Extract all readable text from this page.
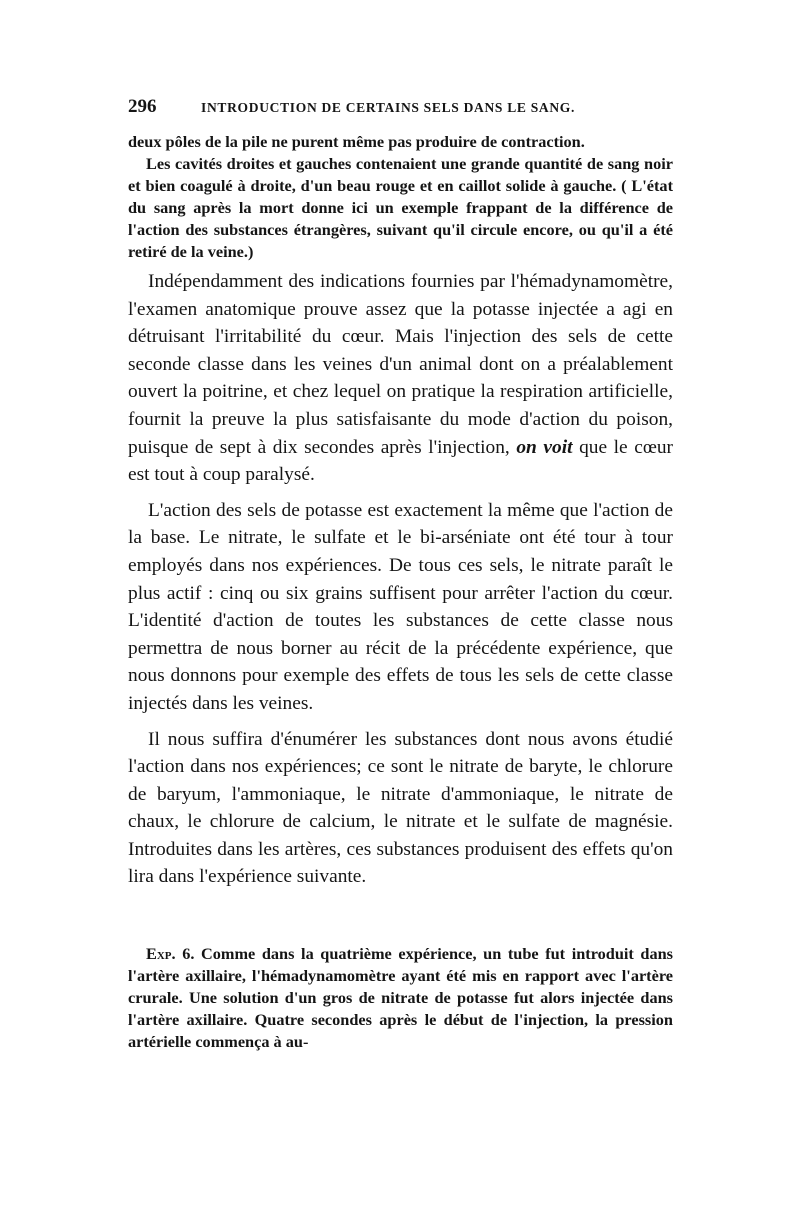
296	INTRODUCTION DE CERTAINS SELS DANS LE SANG.

deux pôles de la pile ne purent même pas produire de contraction.

Les cavités droites et gauches contenaient une grande quantité de sang noir et bien coagulé à droite, d'un beau rouge et en caillot solide à gauche. ( L'état du sang après la mort donne ici un exemple frappant de la différence de l'action des substances étrangères, suivant qu'il circule encore, ou qu'il a été retiré de la veine.)

Indépendamment des indications fournies par l'hémadynamomètre, l'examen anatomique prouve assez que la potasse injectée a agi en détruisant l'irritabilité du cœur. Mais l'injection des sels de cette seconde classe dans les veines d'un animal dont on a préalablement ouvert la poitrine, et chez lequel on pratique la respiration artificielle, fournit la preuve la plus satisfaisante du mode d'action du poison, puisque de sept à dix secondes après l'injection, on voit que le cœur est tout à coup paralysé.

L'action des sels de potasse est exactement la même que l'action de la base. Le nitrate, le sulfate et le bi-arséniate ont été tour à tour employés dans nos expériences. De tous ces sels, le nitrate paraît le plus actif : cinq ou six grains suffisent pour arrêter l'action du cœur. L'identité d'action de toutes les substances de cette classe nous permettra de nous borner au récit de la précédente expérience, que nous donnons pour exemple des effets de tous les sels de cette classe injectés dans les veines.

Il nous suffira d'énumérer les substances dont nous avons étudié l'action dans nos expériences; ce sont le nitrate de baryte, le chlorure de baryum, l'ammoniaque, le nitrate d'ammoniaque, le nitrate de chaux, le chlorure de calcium, le nitrate et le sulfate de magnésie. Introduites dans les artères, ces substances produisent des effets qu'on lira dans l'expérience suivante.

Exp. 6. Comme dans la quatrième expérience, un tube fut introduit dans l'artère axillaire, l'hémadynamomètre ayant été mis en rapport avec l'artère crurale. Une solution d'un gros de nitrate de potasse fut alors injectée dans l'artère axillaire. Quatre secondes après le début de l'injection, la pression artérielle commença à au-
